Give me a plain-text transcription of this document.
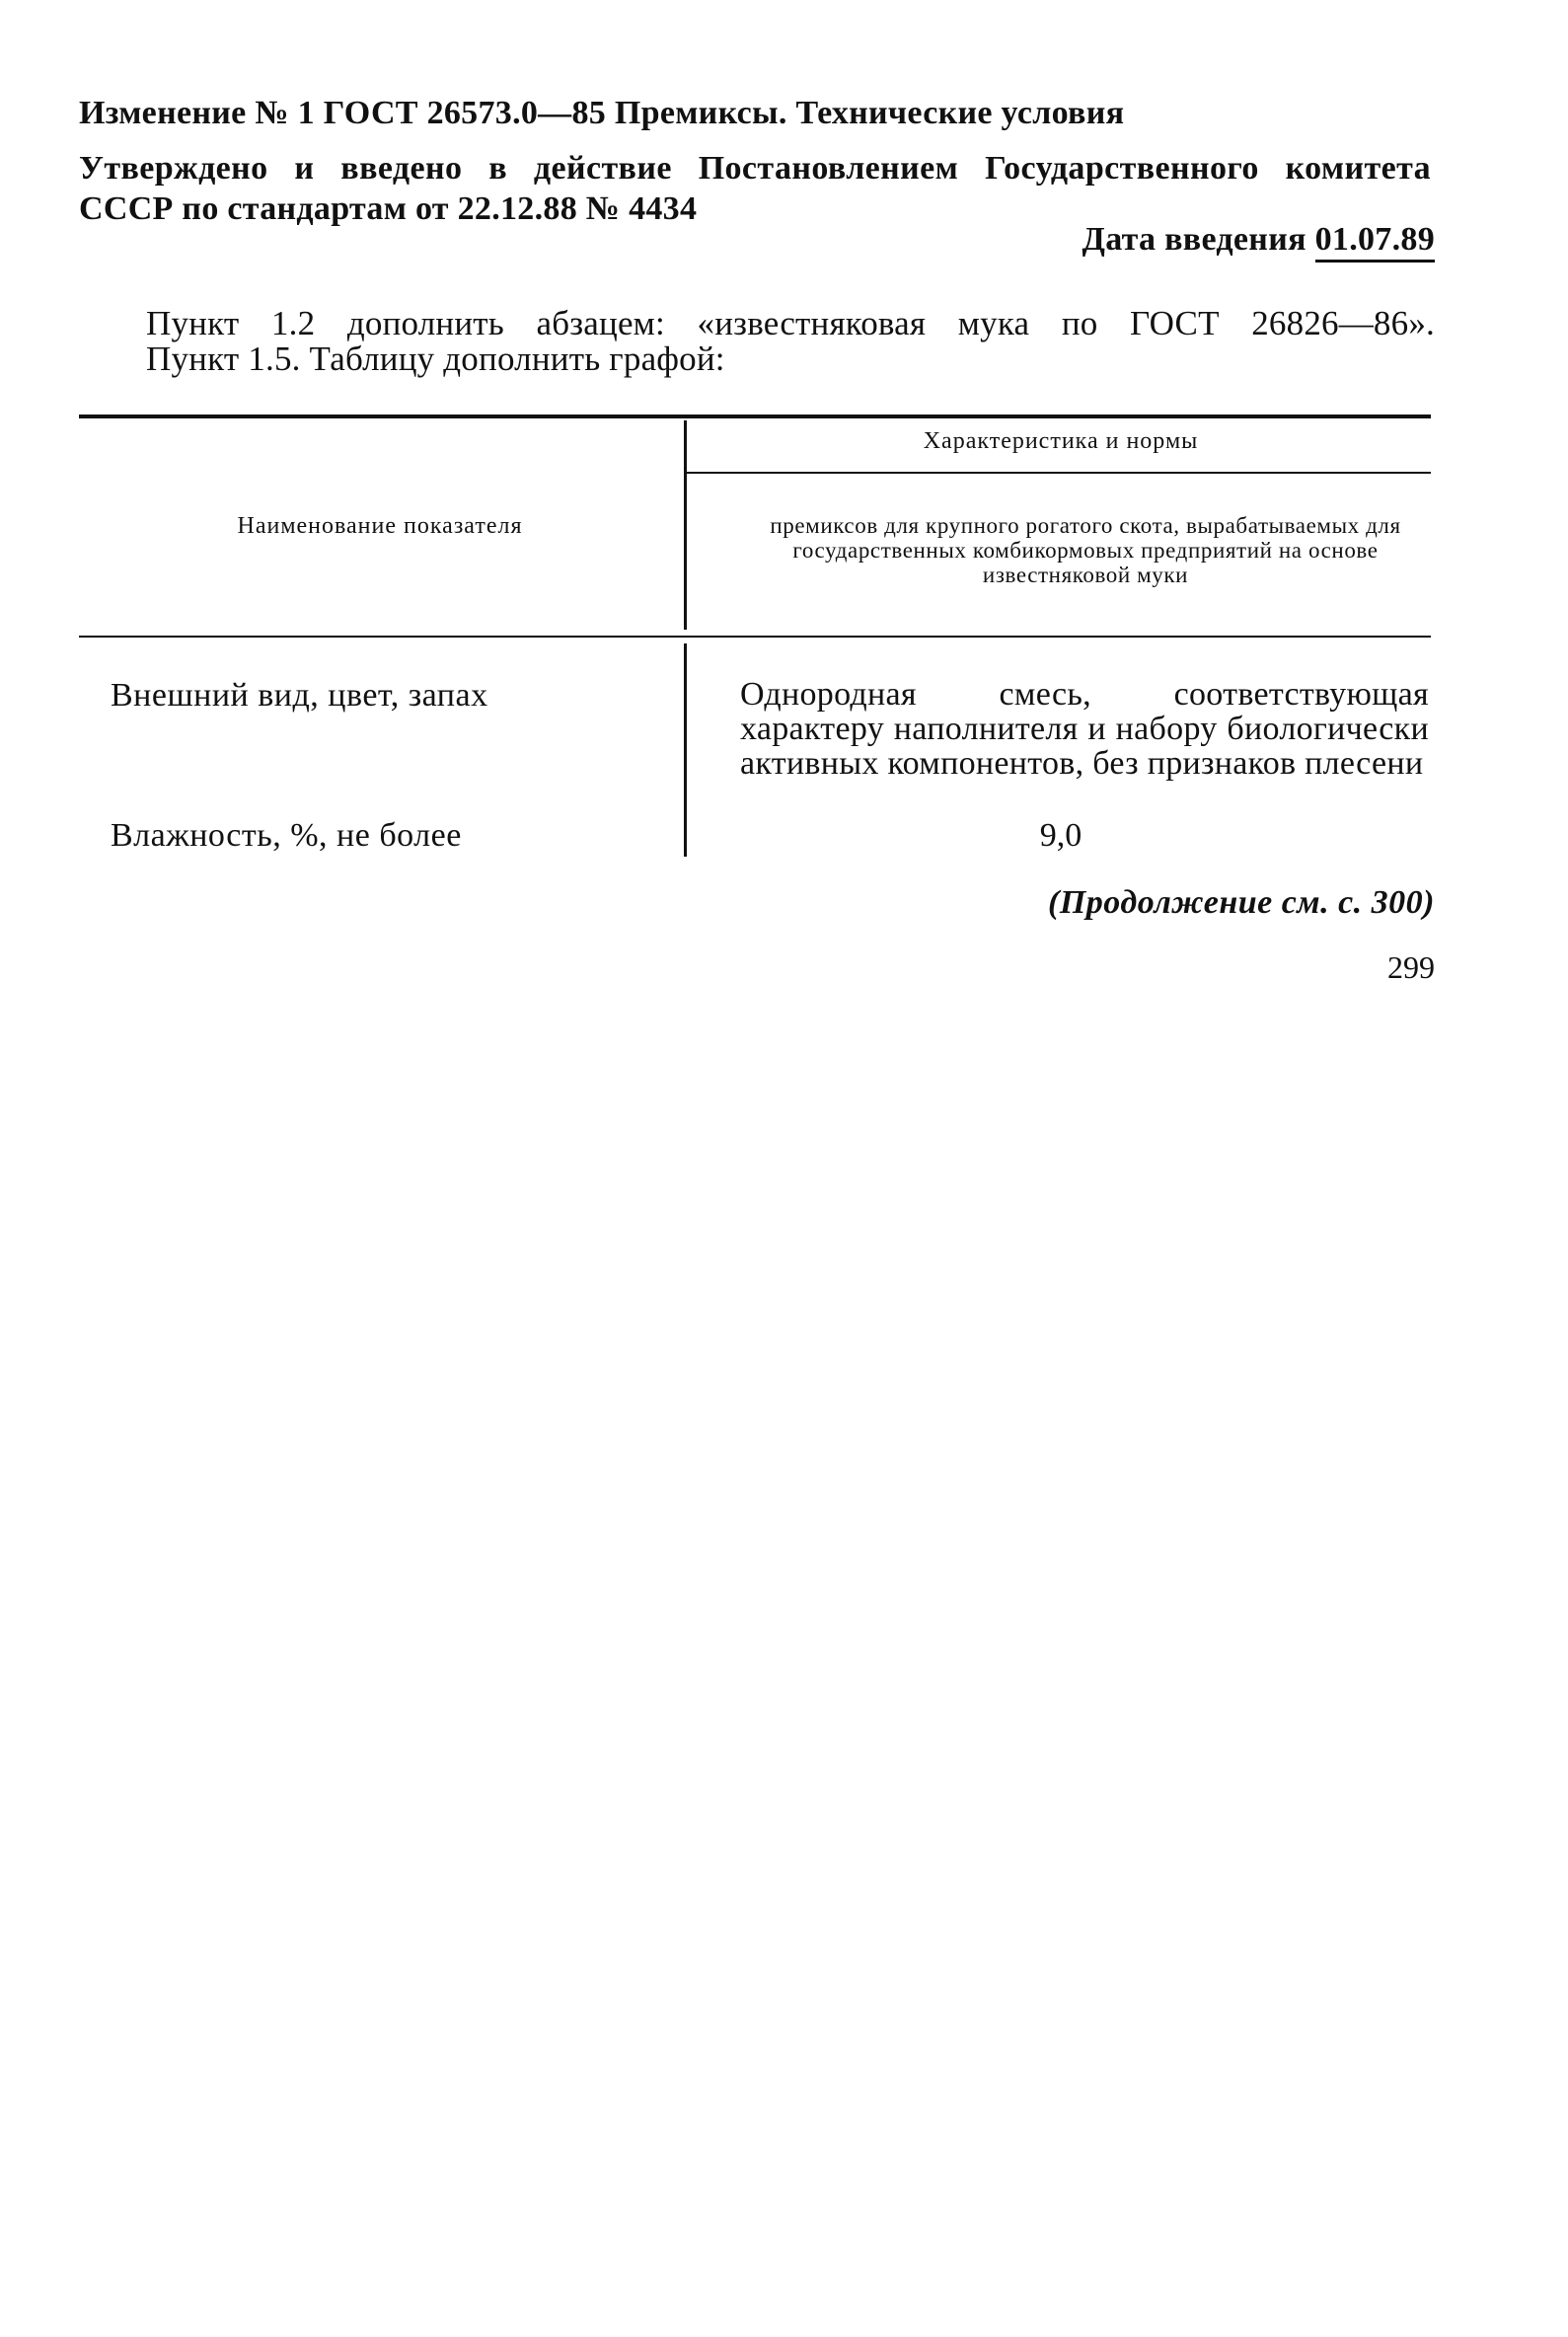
Изменение № 1 ГОСТ 26573.0—85 Премиксы. Технические условия

Утверждено и введено в действие Постановлением Государственного комитета

СССР по стандартам от 22.12.88 № 4434

Дата введения 01.07.89

Пункт 1.2 дополнить абзацем: «известняковая мука по ГОСТ 26826—86».

Пункт 1.5. Таблицу дополнить графой:

Наименование показателя

Характеристика и нормы

премиксов для крупного рогатого скота, вырабатываемых для государственных комбикормовых предприятий на основе известняковой муки

Внешний вид, цвет, запах	Однородная смесь, соответствующая характеру наполнителя и набору биологически активных компонентов, без признаков плесени

Влажность, %, не более	9,0

(Продолжение см. с. 300)

299
